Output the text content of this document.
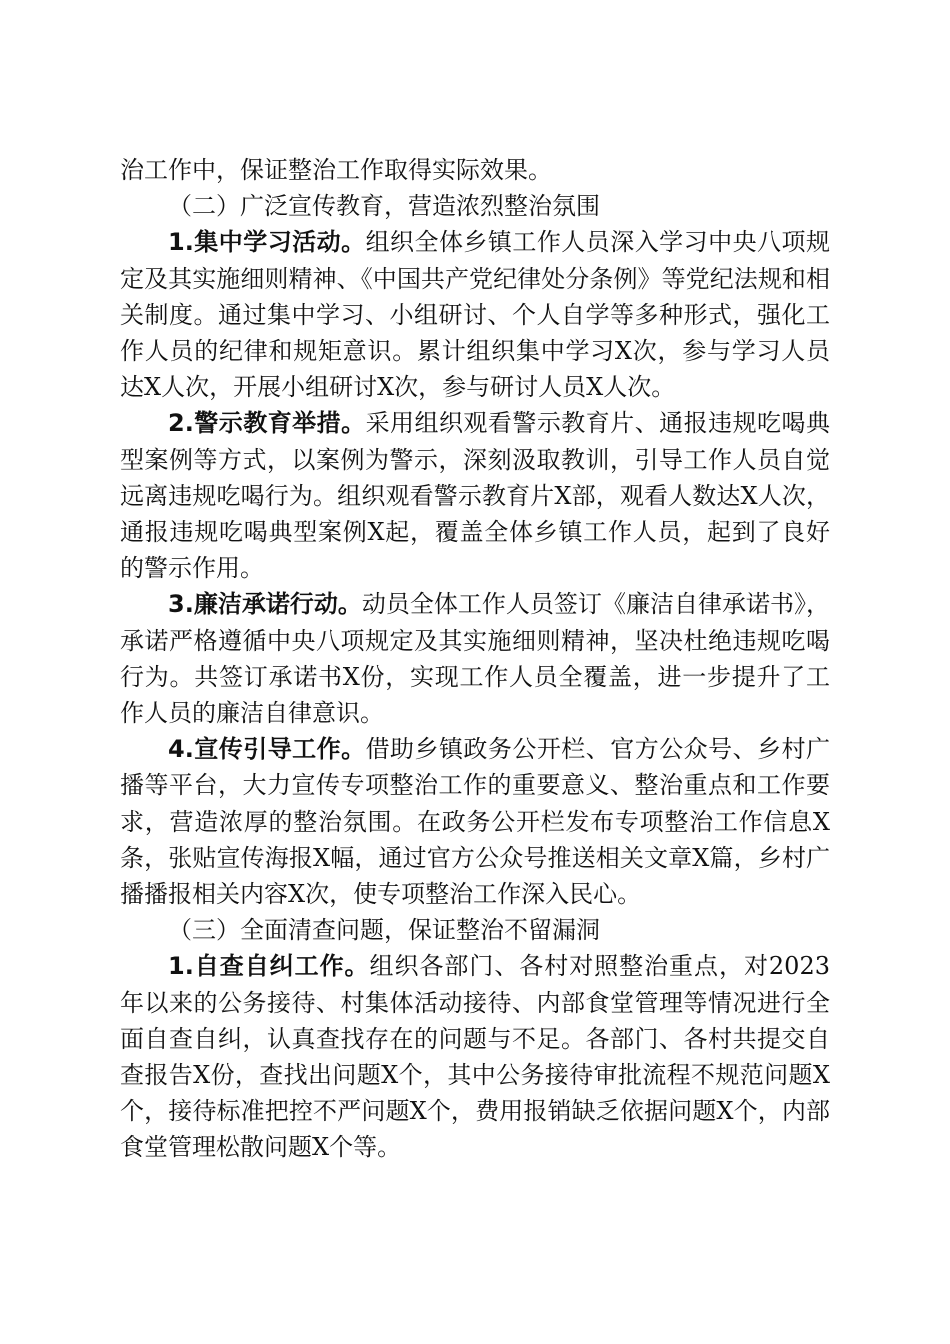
治工作中，保证整治工作取得实际效果。

（二）广泛宣传教育，营造浓烈整治氛围

1.集中学习活动。组织全体乡镇工作人员深入学习中央八项规定及其实施细则精神、《中国共产党纪律处分条例》等党纪法规和相关制度。通过集中学习、小组研讨、个人自学等多种形式，强化工作人员的纪律和规矩意识。累计组织集中学习X次，参与学习人员达X人次，开展小组研讨X次，参与研讨人员X人次。

2.警示教育举措。采用组织观看警示教育片、通报违规吃喝典型案例等方式，以案例为警示，深刻汲取教训，引导工作人员自觉远离违规吃喝行为。组织观看警示教育片X部，观看人数达X人次，通报违规吃喝典型案例X起，覆盖全体乡镇工作人员，起到了良好的警示作用。

3.廉洁承诺行动。动员全体工作人员签订《廉洁自律承诺书》，承诺严格遵循中央八项规定及其实施细则精神，坚决杜绝违规吃喝行为。共签订承诺书X份，实现工作人员全覆盖，进一步提升了工作人员的廉洁自律意识。

4.宣传引导工作。借助乡镇政务公开栏、官方公众号、乡村广播等平台，大力宣传专项整治工作的重要意义、整治重点和工作要求，营造浓厚的整治氛围。在政务公开栏发布专项整治工作信息X条，张贴宣传海报X幅，通过官方公众号推送相关文章X篇，乡村广播播报相关内容X次，使专项整治工作深入民心。

（三）全面清查问题，保证整治不留漏洞

1.自查自纠工作。组织各部门、各村对照整治重点，对2023年以来的公务接待、村集体活动接待、内部食堂管理等情况进行全面自查自纠，认真查找存在的问题与不足。各部门、各村共提交自查报告X份，查找出问题X个，其中公务接待审批流程不规范问题X个，接待标准把控不严问题X个，费用报销缺乏依据问题X个，内部食堂管理松散问题X个等。
